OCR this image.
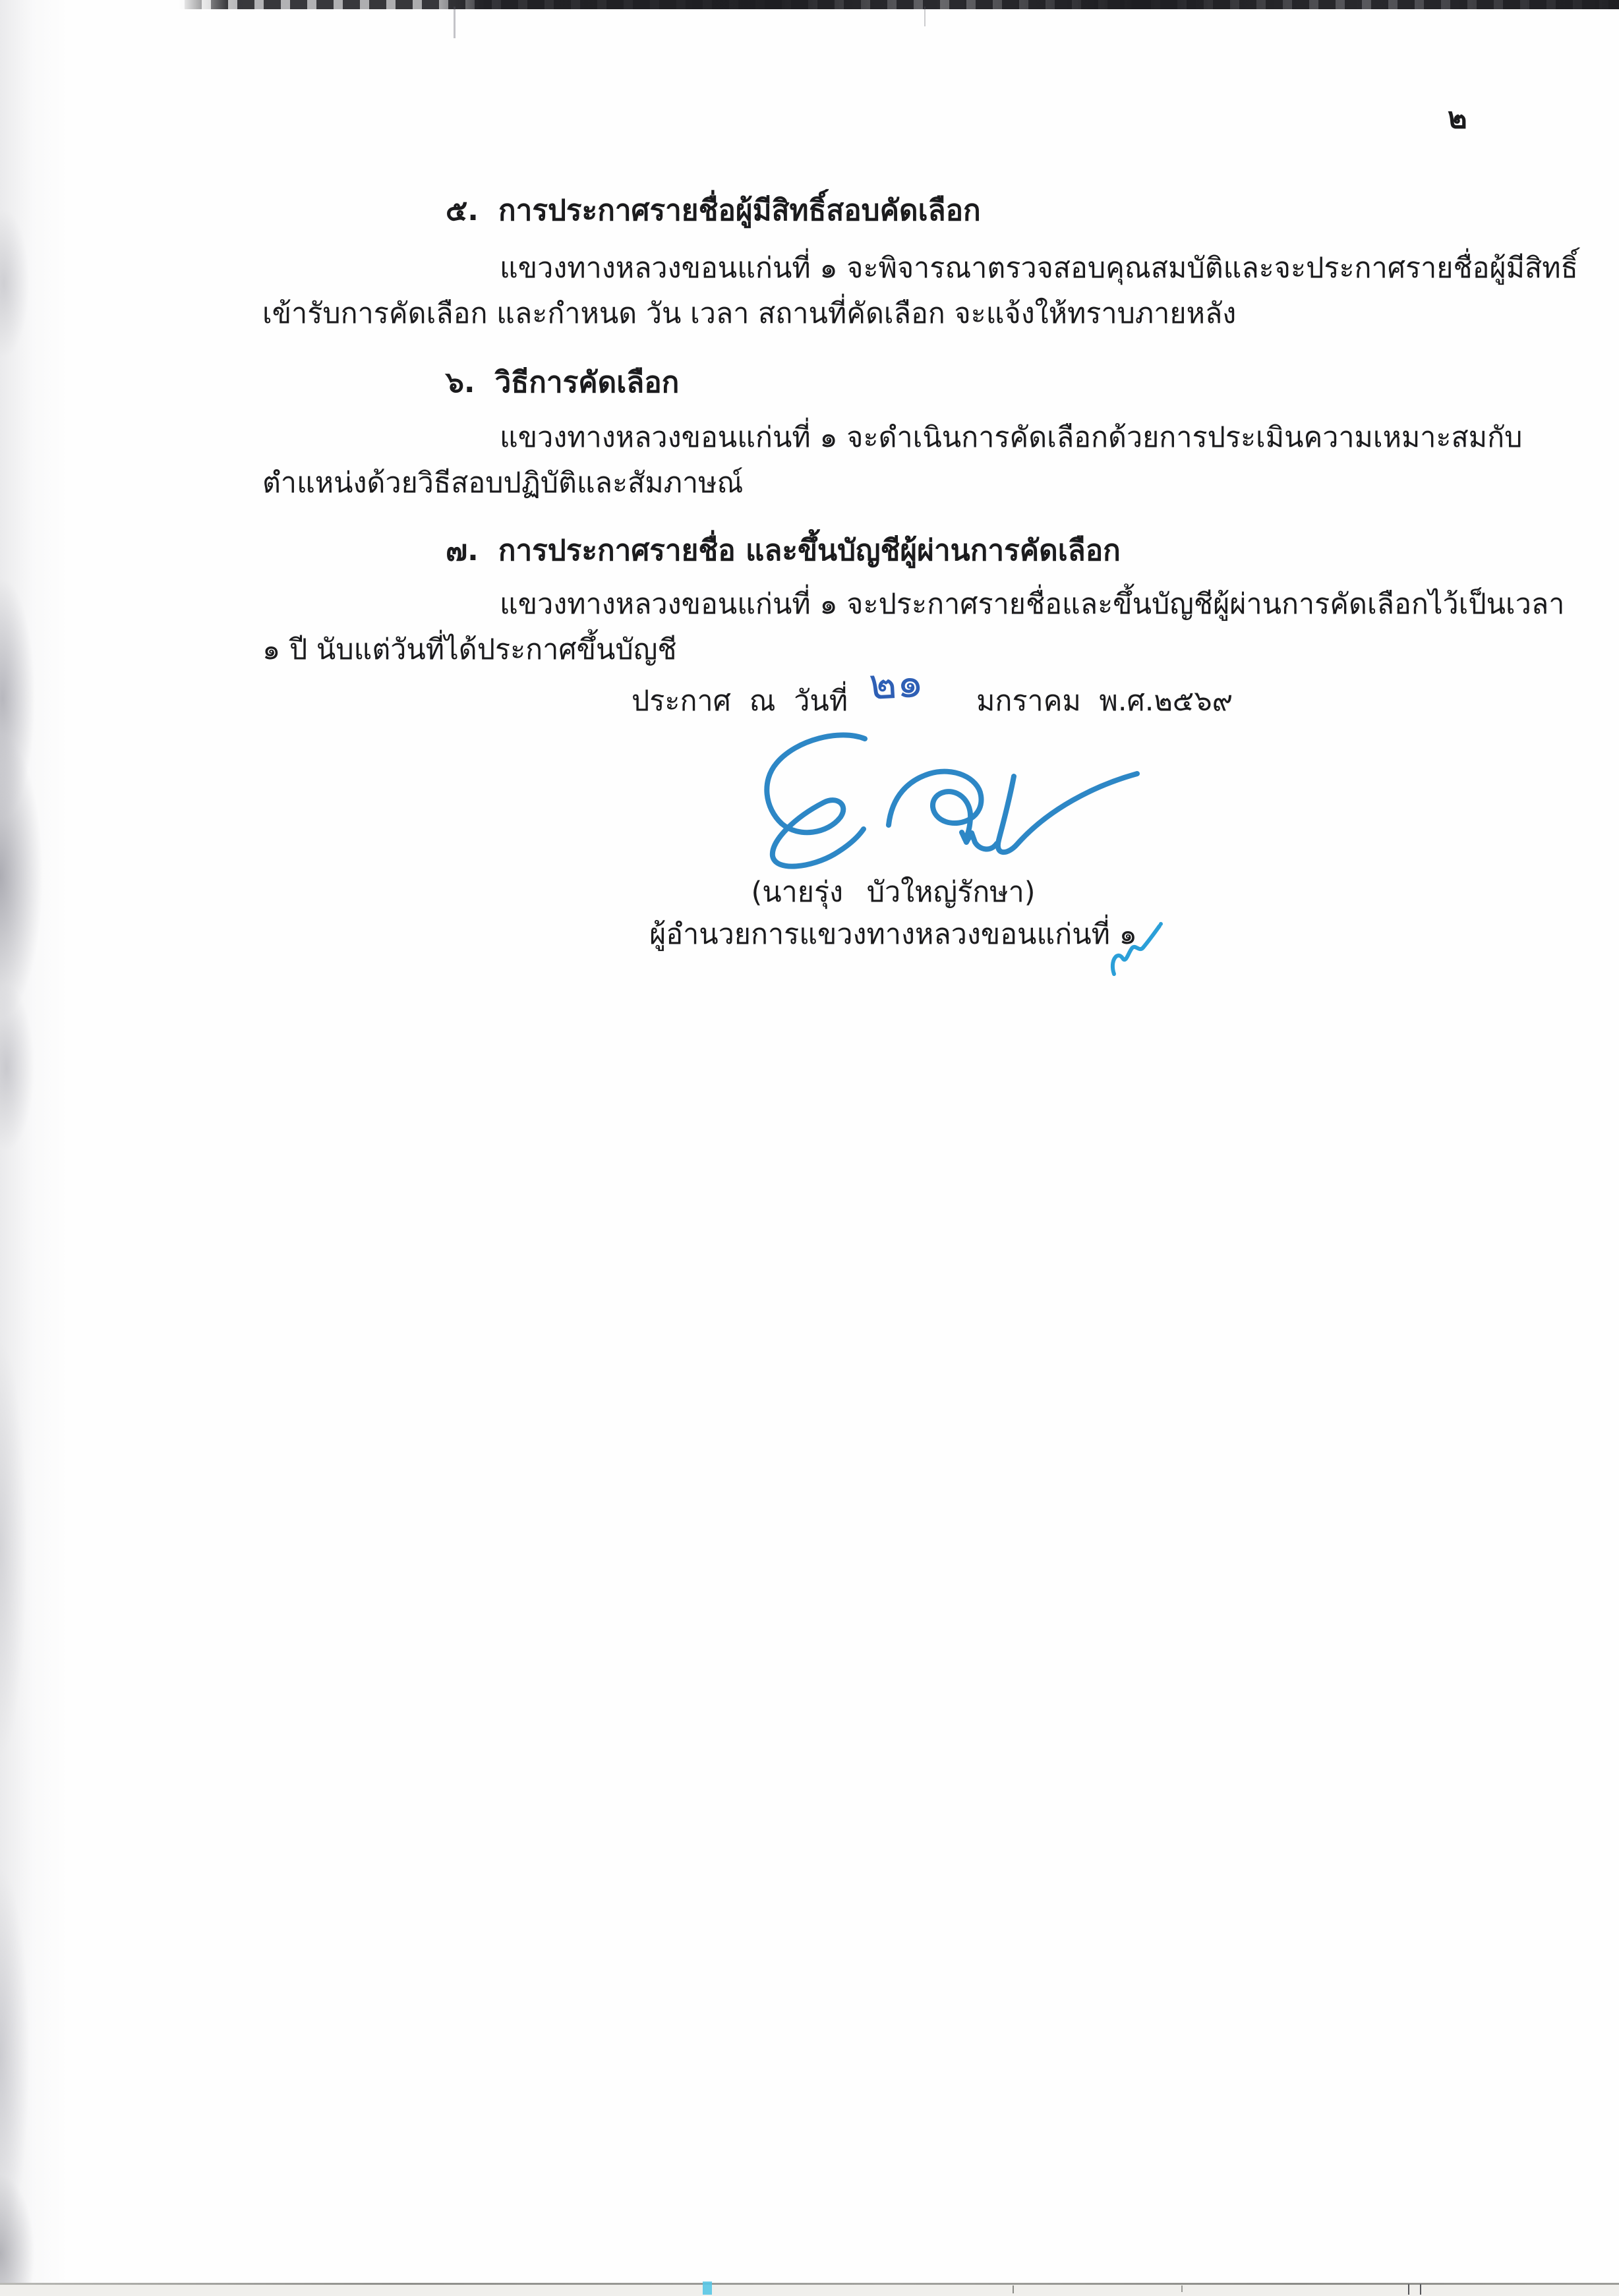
๒
๕. การประกาศรายชื่อผู้มีสิทธิ์สอบคัดเลือก
แขวงทางหลวงขอนแก่นที่ ๑ จะพิจารณาตรวจสอบคุณสมบัติและจะประกาศรายชื่อผู้มีสิทธิ์
เข้ารับการคัดเลือก และกำหนด วัน เวลา สถานที่คัดเลือก จะแจ้งให้ทราบภายหลัง
๖. วิธีการคัดเลือก
แขวงทางหลวงขอนแก่นที่ ๑ จะดำเนินการคัดเลือกด้วยการประเมินความเหมาะสมกับ
ตำแหน่งด้วยวิธีสอบปฏิบัติและสัมภาษณ์
๗. การประกาศรายชื่อ และขึ้นบัญชีผู้ผ่านการคัดเลือก
แขวงทางหลวงขอนแก่นที่ ๑ จะประกาศรายชื่อและขึ้นบัญชีผู้ผ่านการคัดเลือกไว้เป็นเวลา
๑ ปี นับแต่วันที่ได้ประกาศขึ้นบัญชี
ประกาศ ณ วันที่	มกราคม พ.ศ.๒๕๖๙
๒๑
(นายรุ่ง บัวใหญ่รักษา)
ผู้อำนวยการแขวงทางหลวงขอนแก่นที่ ๑
